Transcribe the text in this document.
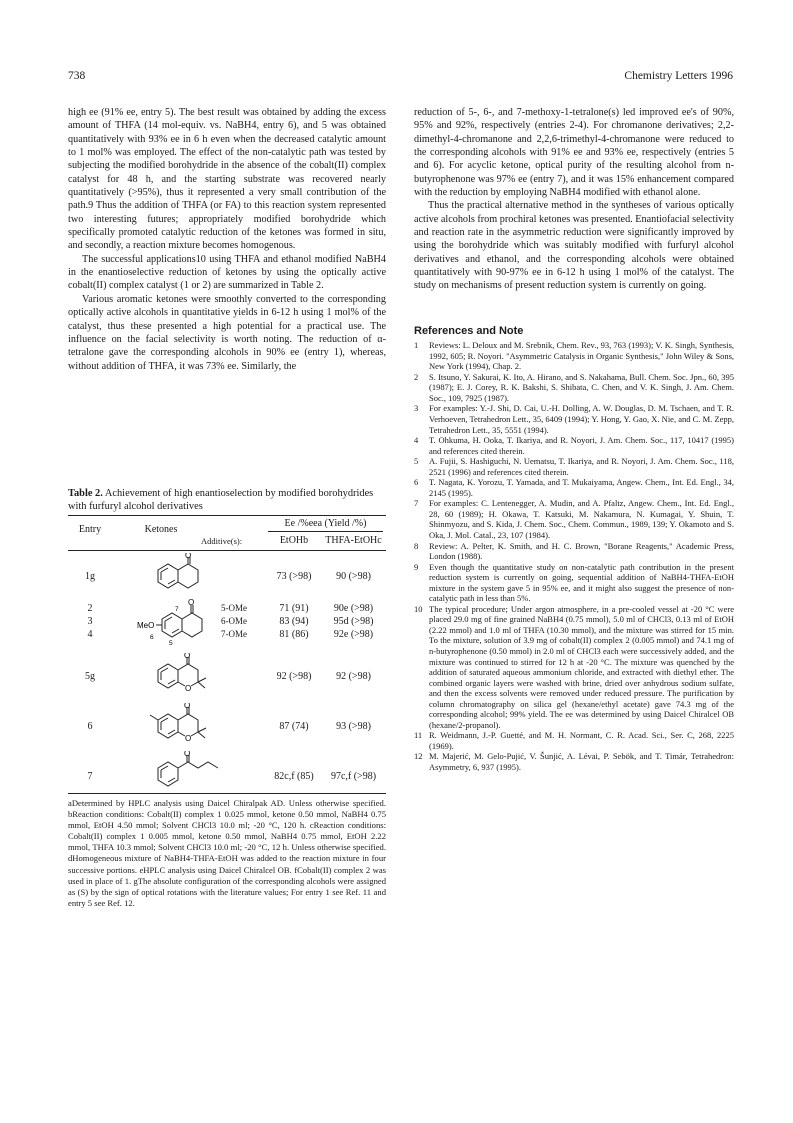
738	Chemistry Letters 1996

high ee (91% ee, entry 5). The best result was obtained by adding the excess amount of THFA (14 mol-equiv. vs. NaBH4, entry 6), and 5 was obtained quantitatively with 93% ee in 6 h even when the decreased catalytic amount to 1 mol% was employed. The effect of the non-catalytic path was tested by subjecting the modified borohydride in the absence of the cobalt(II) complex catalyst for 48 h, and the starting substrate was recovered nearly quantitatively (>95%), thus it represented a very small contribution of the path.9 Thus the addition of THFA (or FA) to this reaction system represented two interesting futures; appropriately modified borohydride which specifically promoted catalytic reduction of the ketones was formed in situ, and secondly, a reaction mixture becomes homogenous.

The successful applications10 using THFA and ethanol modified NaBH4 in the enantioselective reduction of ketones by using the optically active cobalt(II) complex catalyst (1 or 2) are summarized in Table 2.

Various aromatic ketones were smoothly converted to the corresponding optically active alcohols in quantitative yields in 6-12 h using 1 mol% of the catalyst, thus these presented a high potential for a practical use. The influence on the facial selectivity is worth noting. The reduction of α-tetralone gave the corresponding alcohols in 90% ee (entry 1), whereas, without addition of THFA, it was 73% ee. Similarly, the

Table 2. Achievement of high enantioselection by modified borohydrides with furfuryl alcohol derivatives
Entry	Ketones
Ee /%eea (Yield /%)
Additive(s):	EtOHb	THFA-EtOHc
O
1g	73 (>98)	90 (>98)
O
MeO
7
6
5
2	5-OMe	71 (91)	90e (>98)
3	6-OMe	83 (94)	95d (>98)
4	7-OMe	81 (86)	92e (>98)
O
O
5g	92 (>98)	92 (>98)
O
O
6	87 (74)	93 (>98)
O
7	82c,f (85)	97c,f (>98)
aDetermined by HPLC analysis using Daicel Chiralpak AD. Unless otherwise specified. bReaction conditions: Cobalt(II) complex 1 0.025 mmol, ketone 0.50 mmol, NaBH4 0.75 mmol, EtOH 4.50 mmol; Solvent CHCl3 10.0 ml; -20 °C, 120 h. cReaction conditions: Cobalt(II) complex 1 0.005 mmol, ketone 0.50 mmol, NaBH4 0.75 mmol, EtOH 2.22 mmol, THFA 10.3 mmol; Solvent CHCl3 10.0 ml; -20 °C, 12 h. Unless otherwise specified. dHomogeneous mixture of NaBH4-THFA-EtOH was added to the reaction mixture in four successive portions. eHPLC analysis using Daicel Chiralcel OB. fCobalt(II) complex 2 was used in place of 1. gThe absolute configuration of the corresponding alcohols were assigned as (S) by the sign of optical rotations with the literature values; For entry 1 see Ref. 11 and entry 5 see Ref. 12.

reduction of 5-, 6-, and 7-methoxy-1-tetralone(s) led improved ee's of 90%, 95% and 92%, respectively (entries 2-4). For chromanone derivatives; 2,2-dimethyl-4-chromanone and 2,2,6-trimethyl-4-chromanone were reduced to the corresponding alcohols with 91% ee and 93% ee, respectively (entries 5 and 6). For acyclic ketone, optical purity of the resulting alcohol from n-butyrophenone was 97% ee (entry 7), and it was 15% enhancement compared with the reduction by employing NaBH4 modified with ethanol alone.

Thus the practical alternative method in the syntheses of various optically active alcohols from prochiral ketones was presented. Enantiofacial selectivity and reaction rate in the asymmetric reduction were significantly improved by using the borohydride which was suitably modified with furfuryl alcohol derivatives and ethanol, and the corresponding alcohols were obtained quantitatively with 90-97% ee in 6-12 h using 1 mol% of the catalyst. The study on mechanisms of present reduction system is currently on going.

References and Note
1 Reviews: L. Deloux and M. Srebnik, Chem. Rev., 93, 763 (1993); V. K. Singh, Synthesis, 1992, 605; R. Noyori. "Asymmetric Catalysis in Organic Synthesis," John Wiley & Sons, New York (1994), Chap. 2.
2 S. Itsuno, Y. Sakurai, K. Ito, A. Hirano, and S. Nakahama, Bull. Chem. Soc. Jpn., 60, 395 (1987); E. J. Corey, R. K. Bakshi, S. Shibata, C. Chen, and V. K. Singh, J. Am. Chem. Soc., 109, 7925 (1987).
3 For examples: Y.-J. Shi, D. Cai, U.-H. Dolling, A. W. Douglas, D. M. Tschaen, and T. R. Verhoeven, Tetrahedron Lett., 35, 6409 (1994); Y. Hong, Y. Gao, X. Nie, and C. M. Zepp, Tetrahedron Lett., 35, 5551 (1994).
4 T. Ohkuma, H. Ooka, T. Ikariya, and R. Noyori, J. Am. Chem. Soc., 117, 10417 (1995) and references cited therein.
5 A. Fujii, S. Hashiguchi, N. Uematsu, T. Ikariya, and R. Noyori, J. Am. Chem. Soc., 118, 2521 (1996) and references cited therein.
6 T. Nagata, K. Yorozu, T. Yamada, and T. Mukaiyama, Angew. Chem., Int. Ed. Engl., 34, 2145 (1995).
7 For examples: C. Lentenegger, A. Mudin, and A. Pfaltz, Angew. Chem., Int. Ed. Engl., 28, 60 (1989); H. Okawa, T. Katsuki, M. Nakamura, N. Kumagai, Y. Shuin, T. Shinmyozu, and S. Kida, J. Chem. Soc., Chem. Commun., 1989, 139; Y. Okamoto and S. Oka, J. Mol. Catal., 23, 107 (1984).
8 Review: A. Pelter, K. Smith, and H. C. Brown, "Borane Reagents," Academic Press, London (1988).
9 Even though the quantitative study on non-catalytic path contribution in the present reduction system is currently on going, sequential addition of NaBH4-THFA-EtOH mixture in the system gave 5 in 95% ee, and it might also suggest the presence of non-catalytic path in less than 5%.
10 The typical procedure; Under argon atmosphere, in a pre-cooled vessel at -20 °C were placed 29.0 mg of fine grained NaBH4 (0.75 mmol), 5.0 ml of CHCl3, 0.13 ml of EtOH (2.22 mmol) and 1.0 ml of THFA (10.30 mmol), and the mixture was stirred for 15 min. To the mixture, solution of 3.9 mg of cobalt(II) complex 2 (0.005 mmol) and 74.1 mg of n-butyrophenone (0.50 mmol) in 2.0 ml of CHCl3 each were successively added, and the mixture was continued to stirred for 12 h at -20 °C. The mixture was quenched by the addition of saturated aqueous ammonium chloride, and extracted with diethyl ether. The combined organic layers were washed with brine, dried over anhydrous sodium sulfate, and then the excess solvents were removed under reduced pressure. The purification by column chromatography on silica gel (hexane/ethyl acetate) gave 74.3 mg of the corresponding alcohol; 99% yield. The ee was determined by using Daicel Chiralcel OB (hexane/2-propanol).
11 R. Weidmann, J.-P. Guetté, and M. H. Normant, C. R. Acad. Sci., Ser. C, 268, 2225 (1969).
12 M. Majerić, M. Gelo-Pujić, V. Šunjić, A. Lévai, P. Sebök, and T. Timár, Tetrahedron: Asymmetry, 6, 937 (1995).
